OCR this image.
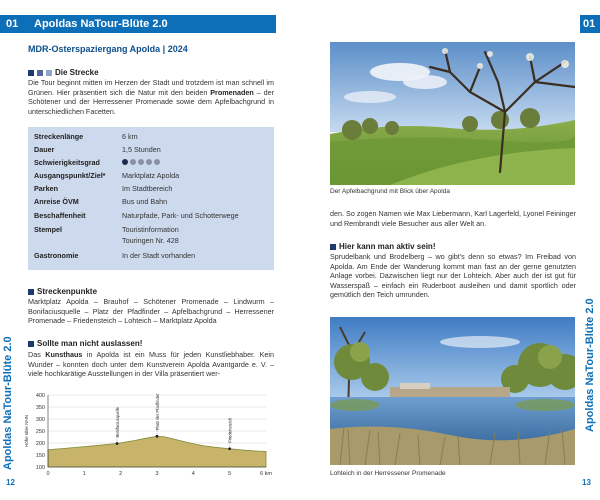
01 Apoldas NaTour-Blüte 2.0
Apoldas NaTour-Blüte 2.0
12
MDR-Osterspaziergang Apolda | 2024
Die Strecke
Die Tour beginnt mitten im Herzen der Stadt und trotzdem ist man schnell im Grünen. Hier präsentiert sich die Natur mit den beiden Promenaden – der Schötener und der Herressener Promenade sowie dem Apfelbachgrund in unterschiedlichen Facetten.
Streckenlänge	6 km
Dauer	1,5 Stunden
Schwierigkeitsgrad
Ausgangspunkt/Ziel* Marktplatz Apolda
Parken	Im Stadtbereich
Anreise ÖVM	Bus und Bahn
Beschaffenheit	Naturpfade, Park- und Schotterwege
Stempel	Touristinformation
Touringen Nr. 428
Gastronomie	In der Stadt vorhanden
Streckenpunkte
Marktplatz Apolda – Brauhof – Schötener Promenade – Lindwurm – Bonifaciusquelle – Platz der Pfadfinder – Apfelbachgrund – Herressener Promenade – Friedensteich – Lohteich – Marktplatz Apolda
Sollte man nicht auslassen!
Das Kunsthaus in Apolda ist ein Muss für jeden Kunstliebhaber. Kein Wunder – konnten doch unter dem Kunstverein Apolda Avantgarde e. V. – viele hochkarätige Ausstellungen in der Villa präsentiert wer-
100
150
200
250
300
350
400
0	1	2	3	4	5	6 km
Höhe über NHN	Bonifaciusquelle	Platz der Pfadfinder	Friedensteich
01
Apoldas NaTour-Blüte 2.0
13
Der Apfelbachgrund mit Blick über Apolda
den. So zogen Namen wie Max Liebermann, Karl Lagerfeld, Lyonel Feininger und Rembrandt viele Besucher aus aller Welt an.
Hier kann man aktiv sein!
Sprudelbank und Brodelberg – wo gibt’s denn so etwas? Im Freibad von Apolda. Am Ende der Wanderung kommt man fast an der gerne genutzten Anlage vorbei. Dazwischen liegt nur der Lohteich. Aber auch der ist gut für Wasserspaß – einfach ein Ruderboot ausleihen und damit sportlich oder gemütlich den Teich umrunden.
Lohteich in der Herressener Promenade
